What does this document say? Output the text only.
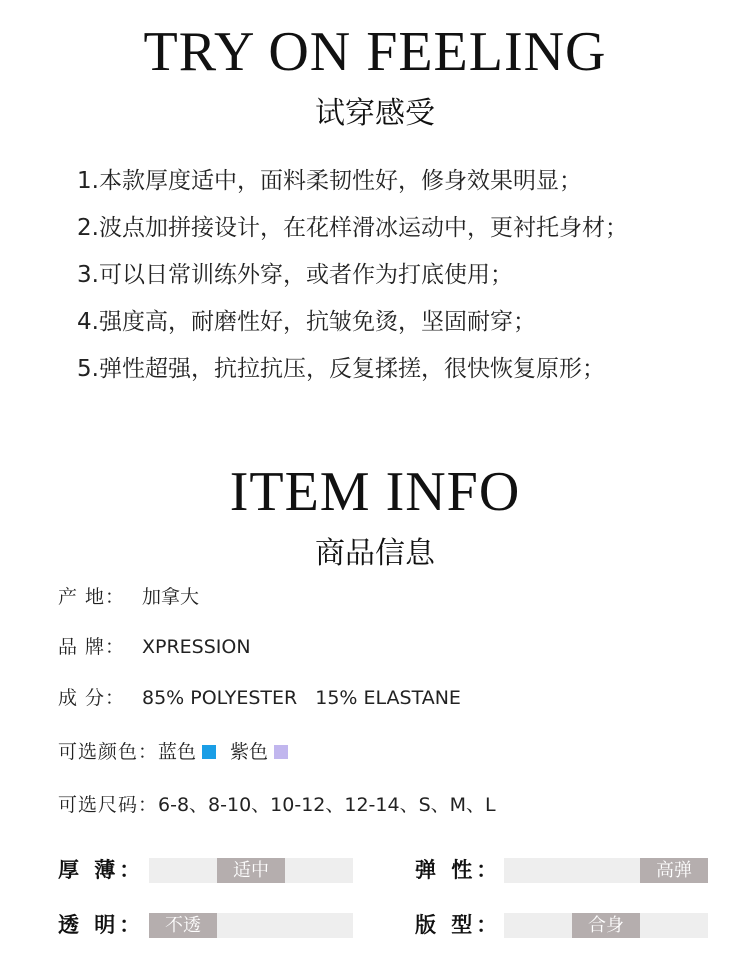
TRY ON FEELING
试穿感受
1.本款厚度适中，面料柔韧性好，修身效果明显；
2.波点加拼接设计，在花样滑冰运动中，更衬托身材；
3.可以日常训练外穿，或者作为打底使用；
4.强度高，耐磨性好，抗皱免烫，坚固耐穿；
5.弹性超强，抗拉抗压，反复揉搓，很快恢复原形；
ITEM INFO
商品信息
产 地： 加拿大
品 牌： XPRESSION
成 分： 85% POLYESTER 15% ELASTANE
可选颜色：蓝色 紫色
可选尺码：6-8、8-10、10-12、12-14、S、M、L
厚 薄：	适中	弹 性：	高弹
透 明：	不透	版 型：	合身
